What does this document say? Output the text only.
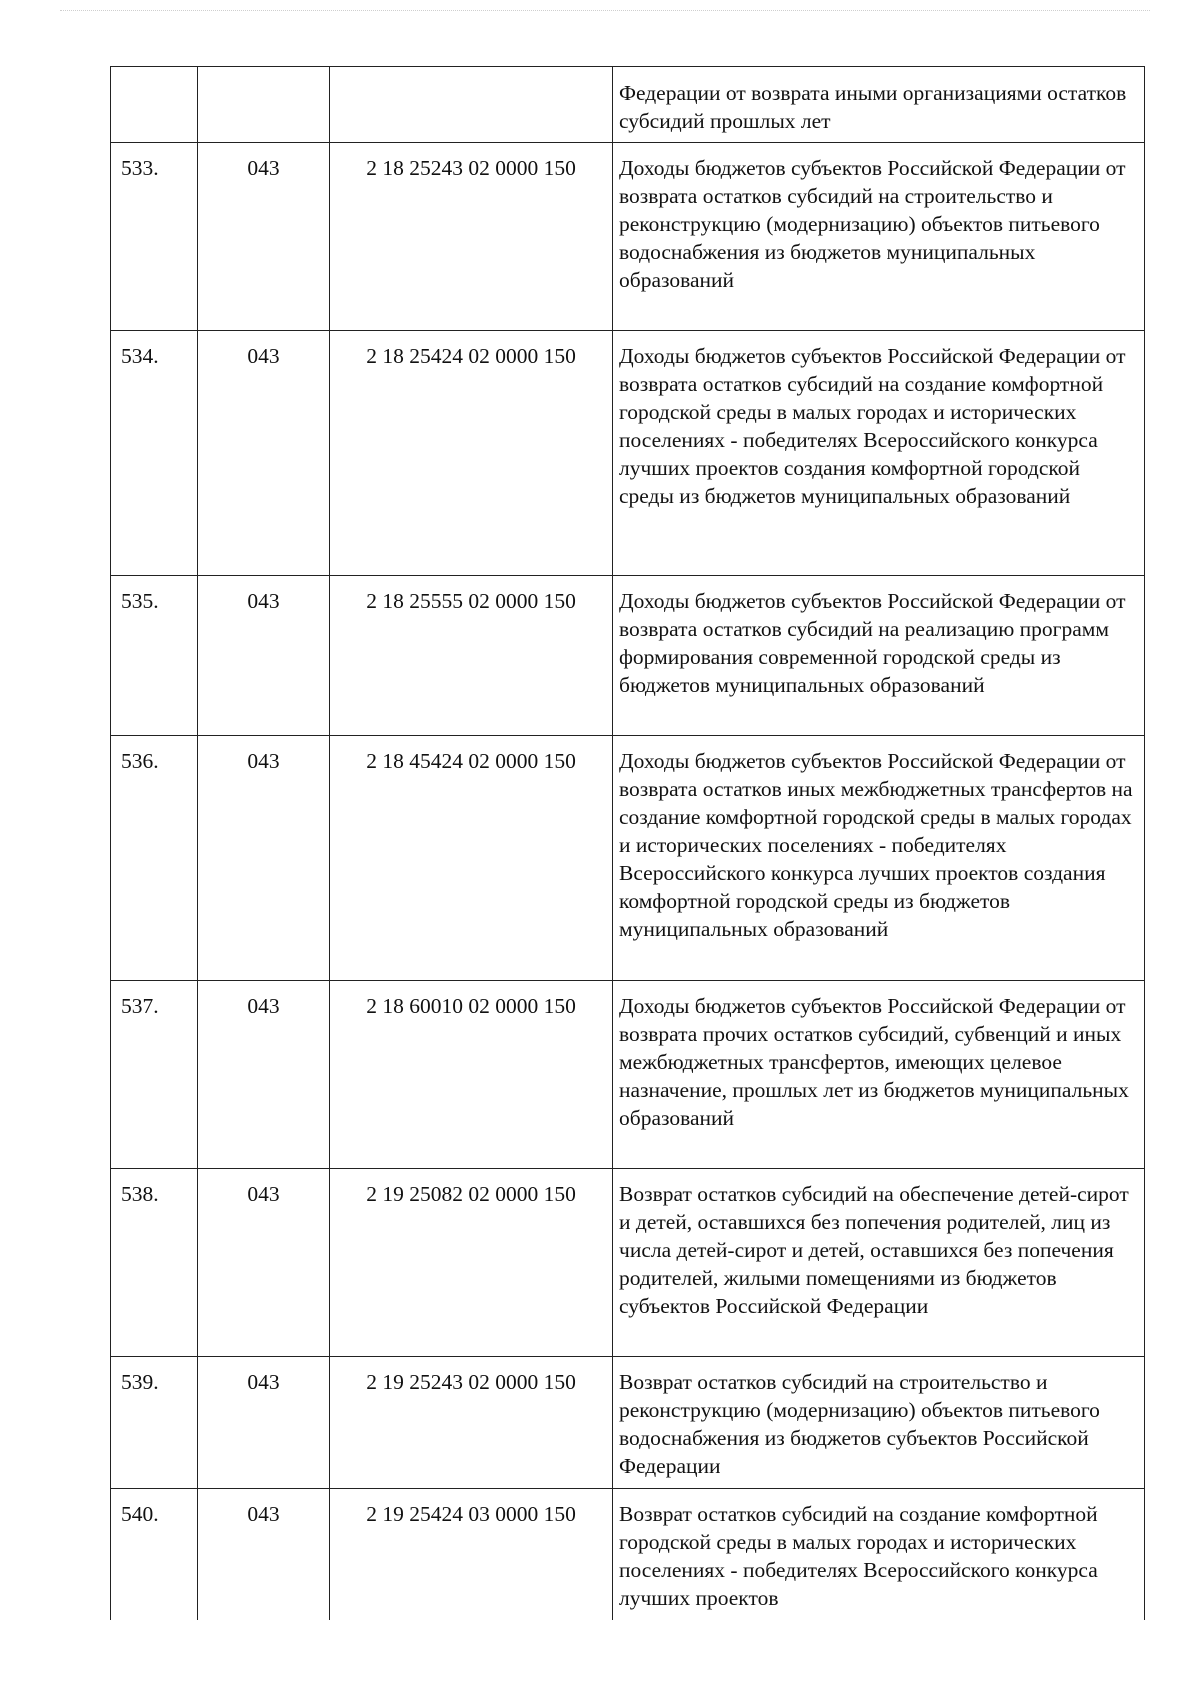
			Федерации от возврата иными организациями остатков субсидий прошлых лет
533.	043	2 18 25243 02 0000 150	Доходы бюджетов субъектов Российской Федерации от возврата остатков субсидий на строительство и реконструкцию (модернизацию) объектов питьевого водоснабжения из бюджетов муниципальных образований
534.	043	2 18 25424 02 0000 150	Доходы бюджетов субъектов Российской Федерации от возврата остатков субсидий на создание комфортной городской среды в малых городах и исторических поселениях - победителях Всероссийского конкурса лучших проектов создания комфортной городской среды из бюджетов муниципальных образований
535.	043	2 18 25555 02 0000 150	Доходы бюджетов субъектов Российской Федерации от возврата остатков субсидий на реализацию программ формирования современной городской среды из бюджетов муниципальных образований
536.	043	2 18 45424 02 0000 150	Доходы бюджетов субъектов Российской Федерации от возврата остатков иных межбюджетных трансфертов на создание комфортной городской среды в малых городах и исторических поселениях - победителях Всероссийского конкурса лучших проектов создания комфортной городской среды из бюджетов муниципальных образований
537.	043	2 18 60010 02 0000 150	Доходы бюджетов субъектов Российской Федерации от возврата прочих остатков субсидий, субвенций и иных межбюджетных трансфертов, имеющих целевое назначение, прошлых лет из бюджетов муниципальных образований
538.	043	2 19 25082 02 0000 150	Возврат остатков субсидий на обеспечение детей-сирот и детей, оставшихся без попечения родителей, лиц из числа детей-сирот и детей, оставшихся без попечения родителей, жилыми помещениями из бюджетов субъектов Российской Федерации
539.	043	2 19 25243 02 0000 150	Возврат остатков субсидий на строительство и реконструкцию (модернизацию) объектов питьевого водоснабжения из бюджетов субъектов Российской Федерации
540.	043	2 19 25424 03 0000 150	Возврат остатков субсидий на создание комфортной городской среды в малых городах и исторических поселениях - победителях Всероссийского конкурса лучших проектов
